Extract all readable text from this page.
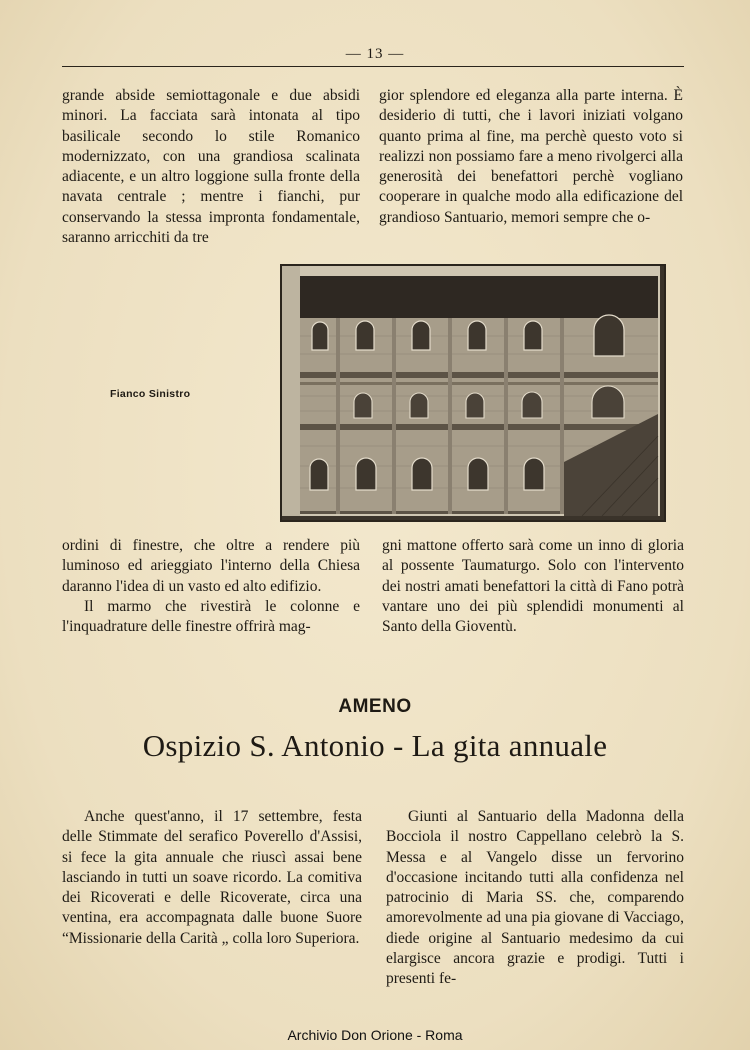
— 13 —

grande abside semiottagonale e due absidi minori. La facciata sarà intonata al tipo basilicale secondo lo stile Romanico modernizzato, con una grandiosa scalinata adiacente, e un altro loggione sulla fronte della navata centrale ; mentre i fianchi, pur conservando la stessa impronta fondamentale, saranno arricchiti da tre

gior splendore ed eleganza alla parte interna. È desiderio di tutti, che i lavori iniziati volgano quanto prima al fine, ma perchè questo voto si realizzi non possiamo fare a meno rivolgerci alla generosità dei benefattori perchè vogliano cooperare in qualche modo alla edificazione del grandioso Santuario, memori sempre che o-

Fianco Sinistro

ordini di finestre, che oltre a rendere più luminoso ed arieggiato l'interno della Chiesa daranno l'idea di un vasto ed alto edifizio.

Il marmo che rivestirà le colonne e l'inquadrature delle finestre offrirà mag-

gni mattone offerto sarà come un inno di gloria al possente Taumaturgo. Solo con l'intervento dei nostri amati benefattori la città di Fano potrà vantare uno dei più splendidi monumenti al Santo della Gioventù.

AMENO
Ospizio S. Antonio - La gita annuale

Anche quest'anno, il 17 settembre, festa delle Stimmate del serafico Poverello d'Assisi, si fece la gita annuale che riuscì assai bene lasciando in tutti un soave ricordo. La comitiva dei Ricoverati e delle Ricoverate, circa una ventina, era accompagnata dalle buone Suore “Missionarie della Carità „ colla loro Superiora.

Giunti al Santuario della Madonna della Bocciola il nostro Cappellano celebrò la S. Messa e al Vangelo disse un fervorino d'occasione incitando tutti alla confidenza nel patrocinio di Maria SS. che, comparendo amorevolmente ad una pia giovane di Vacciago, diede origine al Santuario medesimo da cui elargisce ancora grazie e prodigi. Tutti i presenti fe-

Archivio Don Orione - Roma
